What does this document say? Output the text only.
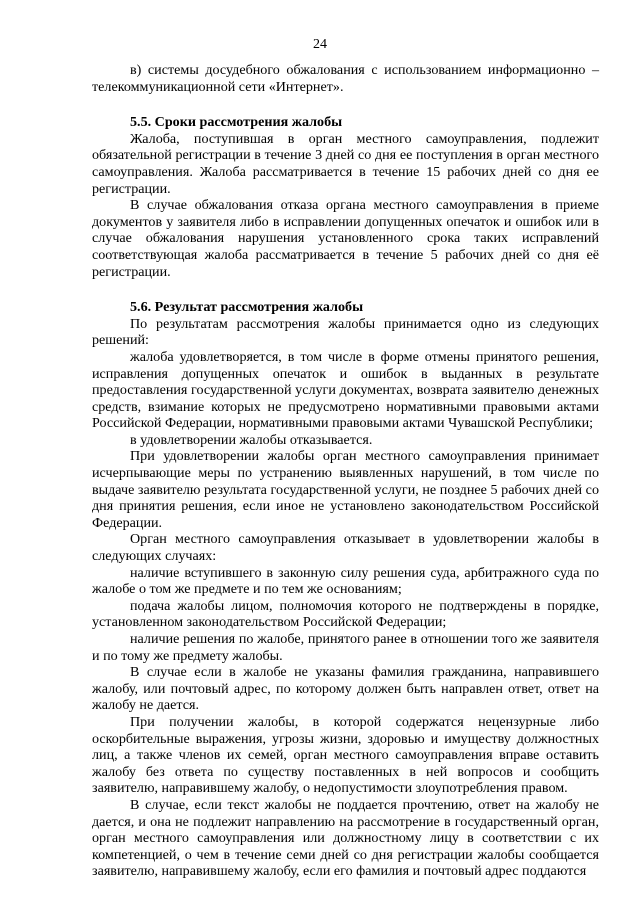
24

в) системы досудебного обжалования с использованием информационно – телекоммуникационной сети «Интернет».

5.5. Сроки рассмотрения жалобы

Жалоба, поступившая в орган местного самоуправления, подлежит обязательной регистрации в течение 3 дней со дня ее поступления в орган местного самоуправления. Жалоба рассматривается в течение 15 рабочих дней со дня ее регистрации.

В случае обжалования отказа органа местного самоуправления в приеме документов у заявителя либо в исправлении допущенных опечаток и ошибок или в случае обжалования нарушения установленного срока таких исправлений соответствующая жалоба рассматривается в течение 5 рабочих дней со дня её регистрации.

5.6. Результат рассмотрения жалобы

По результатам рассмотрения жалобы принимается одно из следующих решений:

жалоба удовлетворяется, в том числе в форме отмены принятого решения, исправления допущенных опечаток и ошибок в выданных в результате предоставления государственной услуги документах, возврата заявителю денежных средств, взимание которых не предусмотрено нормативными правовыми актами Российской Федерации, нормативными правовыми актами Чувашской Республики;

в удовлетворении жалобы отказывается.

При удовлетворении жалобы орган местного самоуправления принимает исчерпывающие меры по устранению выявленных нарушений, в том числе по выдаче заявителю результата государственной услуги, не позднее 5 рабочих дней со дня принятия решения, если иное не установлено законодательством Российской Федерации.

Орган местного самоуправления отказывает в удовлетворении жалобы в следующих случаях:

наличие вступившего в законную силу решения суда, арбитражного суда по жалобе о том же предмете и по тем же основаниям;

подача жалобы лицом, полномочия которого не подтверждены в порядке, установленном законодательством Российской Федерации;

наличие решения по жалобе, принятого ранее в отношении того же заявителя и по тому же предмету жалобы.

В случае если в жалобе не указаны фамилия гражданина, направившего жалобу, или почтовый адрес, по которому должен быть направлен ответ, ответ на жалобу не дается.

При получении жалобы, в которой содержатся нецензурные либо оскорбительные выражения, угрозы жизни, здоровью и имуществу должностных лиц, а также членов их семей, орган местного самоуправления вправе оставить жалобу без ответа по существу поставленных в ней вопросов и сообщить заявителю, направившему жалобу, о недопустимости злоупотребления правом.

В случае, если текст жалобы не поддается прочтению, ответ на жалобу не дается, и она не подлежит направлению на рассмотрение в государственный орган, орган местного самоуправления или должностному лицу в соответствии с их компетенцией, о чем в течение семи дней со дня регистрации жалобы сообщается заявителю, направившему жалобу, если его фамилия и почтовый адрес поддаются
